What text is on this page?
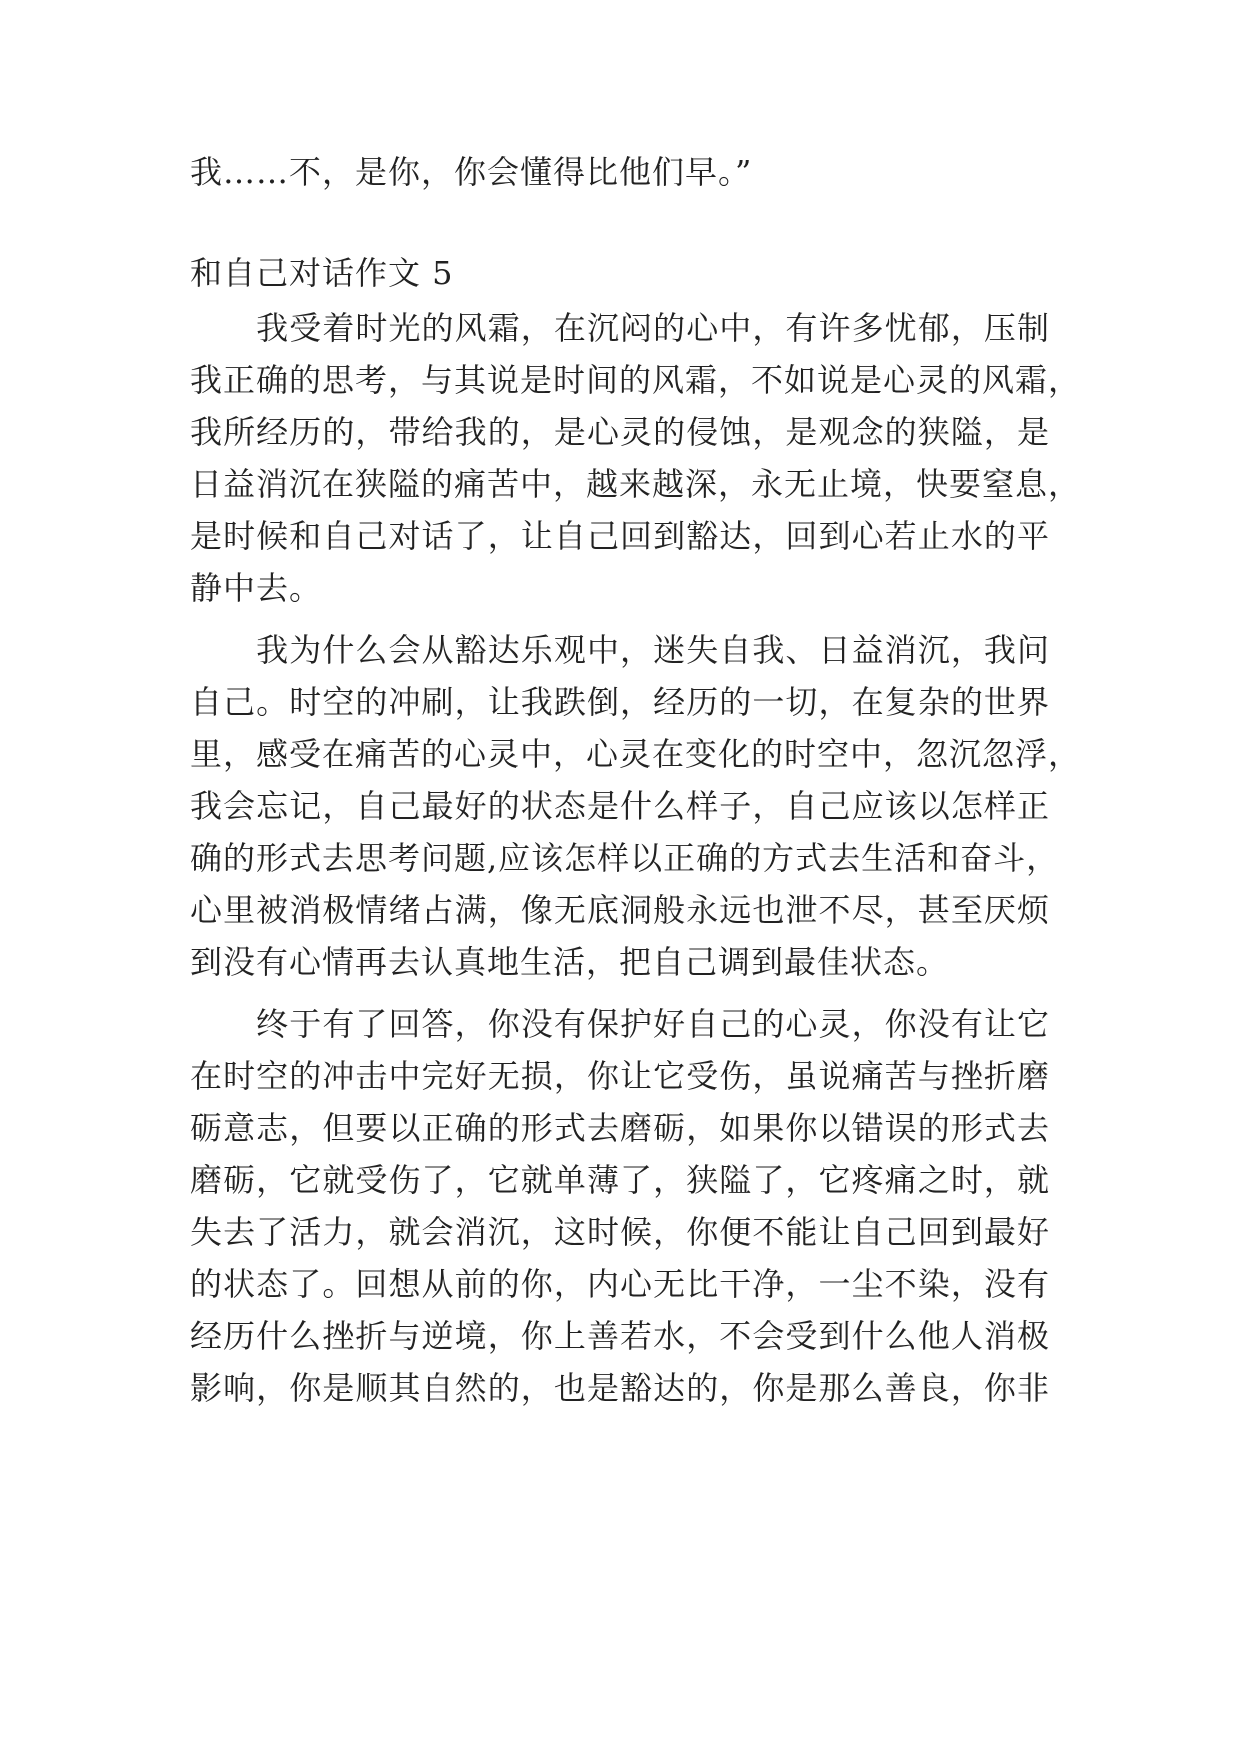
我……不，是你，你会懂得比他们早。”
和自己对话作文 5
　　我受着时光的风霜，在沉闷的心中，有许多忧郁，压制
我正确的思考，与其说是时间的风霜，不如说是心灵的风霜，
我所经历的，带给我的，是心灵的侵蚀，是观念的狭隘，是
日益消沉在狭隘的痛苦中，越来越深，永无止境，快要窒息，
是时候和自己对话了，让自己回到豁达，回到心若止水的平
静中去。
　　我为什么会从豁达乐观中，迷失自我、日益消沉，我问
自己。时空的冲刷，让我跌倒，经历的一切，在复杂的世界
里，感受在痛苦的心灵中，心灵在变化的时空中，忽沉忽浮，
我会忘记，自己最好的状态是什么样子，自己应该以怎样正
确的形式去思考问题,应该怎样以正确的方式去生活和奋斗，
心里被消极情绪占满，像无底洞般永远也泄不尽，甚至厌烦
到没有心情再去认真地生活，把自己调到最佳状态。
　　终于有了回答，你没有保护好自己的心灵，你没有让它
在时空的冲击中完好无损，你让它受伤，虽说痛苦与挫折磨
砺意志，但要以正确的形式去磨砺，如果你以错误的形式去
磨砺，它就受伤了，它就单薄了，狭隘了，它疼痛之时，就
失去了活力，就会消沉，这时候，你便不能让自己回到最好
的状态了。回想从前的你，内心无比干净，一尘不染，没有
经历什么挫折与逆境，你上善若水，不会受到什么他人消极
影响，你是顺其自然的，也是豁达的，你是那么善良，你非
